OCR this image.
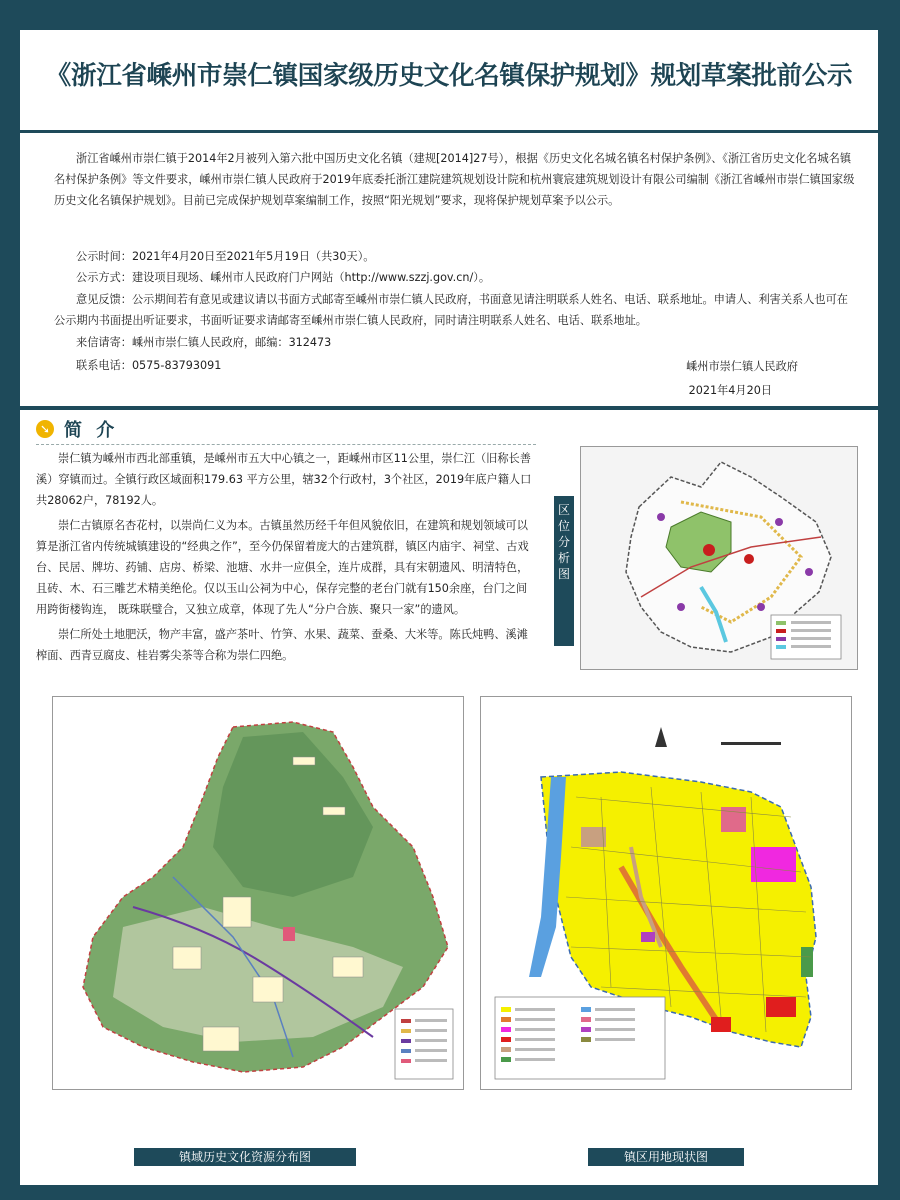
《浙江省嵊州市崇仁镇国家级历史文化名镇保护规划》规划草案批前公示

浙江省嵊州市崇仁镇于2014年2月被列入第六批中国历史文化名镇（建规[2014]27号），根据《历史文化名城名镇名村保护条例》、《浙江省历史文化名城名镇名村保护条例》等文件要求，嵊州市崇仁镇人民政府于2019年底委托浙江建院建筑规划设计院和杭州寰宸建筑规划设计有限公司编制《浙江省嵊州市崇仁镇国家级历史文化名镇保护规划》。目前已完成保护规划草案编制工作，按照“阳光规划”要求，现将保护规划草案予以公示。

公示时间：2021年4月20日至2021年5月19日（共30天）。

公示方式：建设项目现场、嵊州市人民政府门户网站（http://www.szzj.gov.cn/）。

意见反馈：公示期间若有意见或建议请以书面方式邮寄至嵊州市崇仁镇人民政府，书面意见请注明联系人姓名、电话、联系地址。申请人、利害关系人也可在公示期内书面提出听证要求，书面听证要求请邮寄至嵊州市崇仁镇人民政府，同时请注明联系人姓名、电话、联系地址。

来信请寄：嵊州市崇仁镇人民政府，邮编：312473

联系电话：0575-83793091	嵊州市崇仁镇人民政府
2021年4月20日
➘ 简 介

崇仁镇为嵊州市西北部重镇，是嵊州市五大中心镇之一，距嵊州市区11公里，崇仁江（旧称长善溪）穿镇而过。全镇行政区域面积179.63 平方公里，辖32个行政村，3个社区，2019年底户籍人口共28062户，78192人。

崇仁古镇原名杏花村，以崇尚仁义为本。古镇虽然历经千年但风貌依旧，在建筑和规划领域可以算是浙江省内传统城镇建设的“经典之作”，至今仍保留着庞大的古建筑群，镇区内庙宇、祠堂、古戏台、民居、牌坊、药铺、店房、桥梁、池塘、水井一应俱全，连片成群，具有宋朝遗风、明清特色，且砖、木、石三雕艺术精美绝伦。仅以玉山公祠为中心，保存完整的老台门就有150余座，台门之间用跨街楼钩连， 既珠联璧合，又独立成章，体现了先人“分户合族、聚只一家”的遗风。

崇仁所处土地肥沃，物产丰富，盛产茶叶、竹笋、水果、蔬菜、蚕桑、大米等。陈氏炖鸭、溪滩榨面、西青豆腐皮、桂岩雾尖茶等合称为崇仁四绝。

区位分析图
镇域历史文化资源分布图	镇区用地现状图
